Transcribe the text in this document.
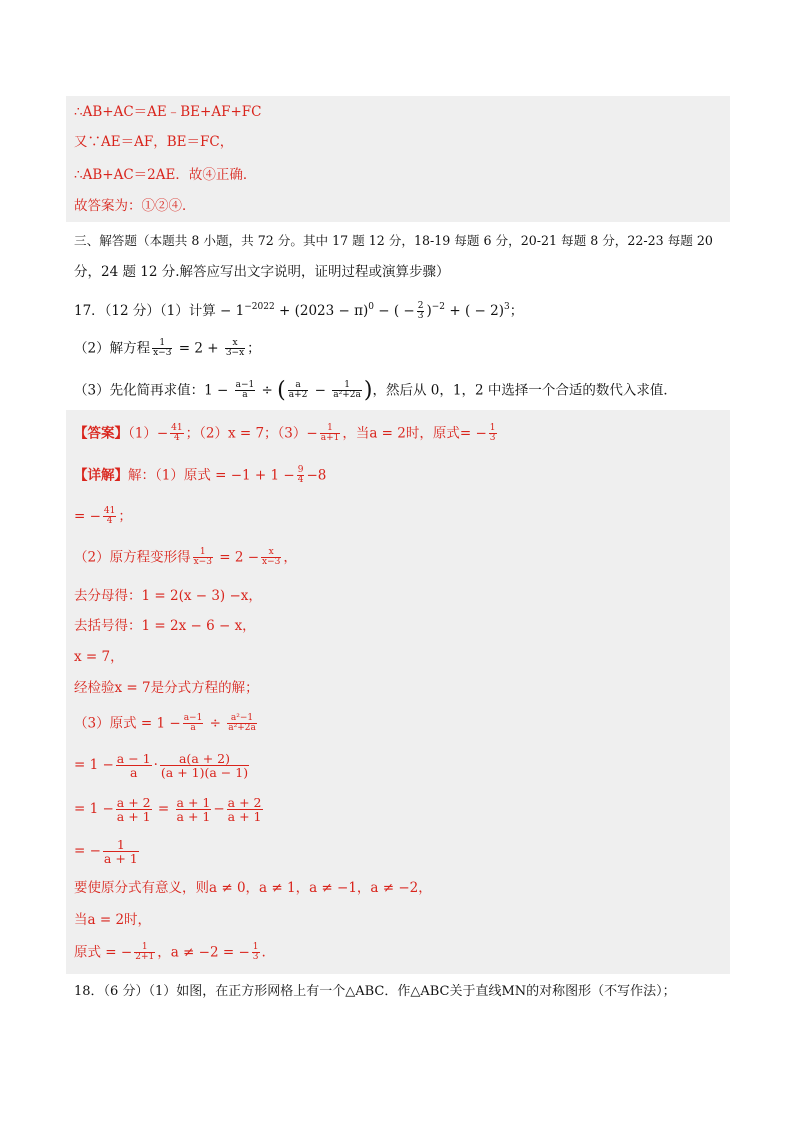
∴AB+AC＝AE﹣BE+AF+FC
又∵AE＝AF，BE＝FC，
∴AB+AC＝2AE．故④正确．
故答案为：①②④．
三、解答题（本题共 8 小题，共 72 分。其中 17 题 12 分，18-19 每题 6 分，20-21 每题 8 分，22-23 每题 20
分，24 题 12 分.解答应写出文字说明，证明过程或演算步骤）
17．（12 分）（1）计算 − $1^{-2022} + (2023 - \pi)^0$ − ( − $\frac{2}{3} )^{-2}$ + ( − 2)$^3$；
（2）解方程 $\frac{1}{x-3} = 2 + \frac{x}{3-x}$ ；
（3）先化简再求值：$1 - \frac{a-1}{a}$ ÷ ( $\frac{a}{a+2} - \frac{1}{\text{a²+2a}}$ )，然后从 0，1，2 中选择一个合适的数代入求值．
【答案】$(1)- \frac{41}{4}$ ；（2）x = 7；$(3)- \frac{1}{a+1}$ ，当a = 2时，原式= − $\frac{1}{3}$
【详解】解：（1）原式 = $-1 + 1 - \frac{9}{4} -8$
= − $\frac{41}{4}$ ；
（2）原方程变形得 $\frac{1}{x-3} = 2 - \frac{x}{x-3}$ ，
去分母得：1 = 2(x − 3) −x，
去括号得：1 = 2x − 6 − x，
x = 7，
经检验x = 7是分式方程的解；
（3）原式 = $1 - \frac{a-1}{a} \div \frac{\text{a²−1}}{\text{a²+2a}}$
= $1 - \frac{a - 1}{a} \cdot \frac{a(a + 2)}{(a + 1)(a - 1)}$
= $1 - \frac{a + 2}{a + 1} = \frac{a + 1}{a + 1} - \frac{a + 2}{a + 1}$
= − $\frac{1}{a + 1}$
要使原分式有意义，则a ≠ 0，a ≠ 1，a ≠ −1，a ≠ −2，
当a = 2时，
原式 = − $\frac{1}{2+1}$ ，a ≠ −2 = − $\frac{1}{3}$ .
18．（6 分）（1）如图，在正方形网格上有一个△ABC．作△ABC关于直线MN的对称图形（不写作法）；
